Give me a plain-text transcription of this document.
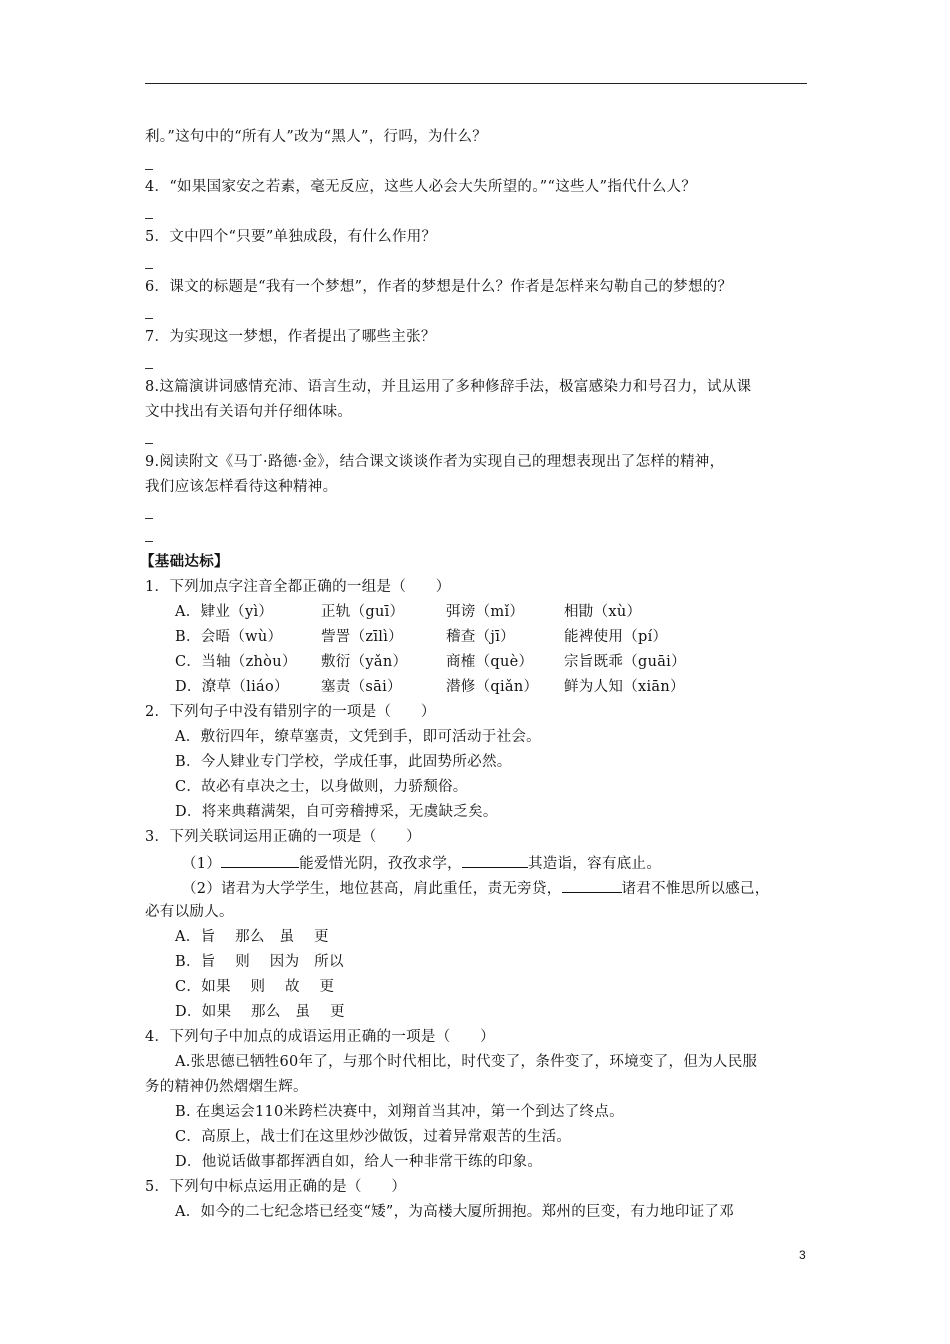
利。”这句中的“所有人”改为“黑人”，行吗，为什么？
4．“如果国家安之若素，毫无反应，这些人必会大失所望的。”“这些人”指代什么人？
5．文中四个“只要”单独成段，有什么作用？
6．课文的标题是“我有一个梦想”，作者的梦想是什么？作者是怎样来勾勒自己的梦想的？
7．为实现这一梦想，作者提出了哪些主张？
8.这篇演讲词感情充沛、语言生动，并且运用了多种修辞手法，极富感染力和号召力，试从课
文中找出有关语句并仔细体味。
9.阅读附文《马丁·路德·金》，结合课文谈谈作者为实现自己的理想表现出了怎样的精神，
我们应该怎样看待这种精神。
【基础达标】
1．下列加点字注音全都正确的一组是（　　）
A．肄业（yì）	正轨（guī）	弭谤（mǐ）	相勖（xù）
B．会晤（wù）	訾詈（zīlì）	稽查（jī）	能裨使用（pí）
C．当轴（zhòu） 敷衍（yǎn）	商榷（què） 宗旨既乖（guāi）
D．潦草（liáo） 塞责（sāi）	潜修（qiǎn） 鲜为人知（xiān）
2．下列句子中没有错别字的一项是（　　）
A．敷衍四年，缭草塞责，文凭到手，即可活动于社会。
B．今人肄业专门学校，学成任事，此固势所必然。
C．故必有卓决之士，以身做则，力骄颓俗。
D．将来典藉满架，自可旁稽搏采，无虞缺乏矣。
3．下列关联词运用正确的一项是（　　）
（1）	能爱惜光阴，孜孜求学，	其造诣，容有底止。
（2）诸君为大学学生，地位甚高，肩此重任，责无旁贷，	诸君不惟思所以感己，
必有以励人。
A．旨　 那么　虽　 更
B．旨　 则　 因为　所以
C．如果　 则　 故　 更
D．如果　 那么　虽　 更
4．下列句子中加点的成语运用正确的一项是（　　）
A.张思德已牺牲60年了，与那个时代相比，时代变了，条件变了，环境变了，但为人民服
务的精神仍然熠熠生辉。
B. 在奥运会110米跨栏决赛中，刘翔首当其冲，第一个到达了终点。
C．高原上，战士们在这里炒沙做饭，过着异常艰苦的生活。
D．他说话做事都挥洒自如，给人一种非常干练的印象。
5．下列句中标点运用正确的是（　　）
A．如今的二七纪念塔已经变“矮”，为高楼大厦所拥抱。郑州的巨变，有力地印证了邓
3
